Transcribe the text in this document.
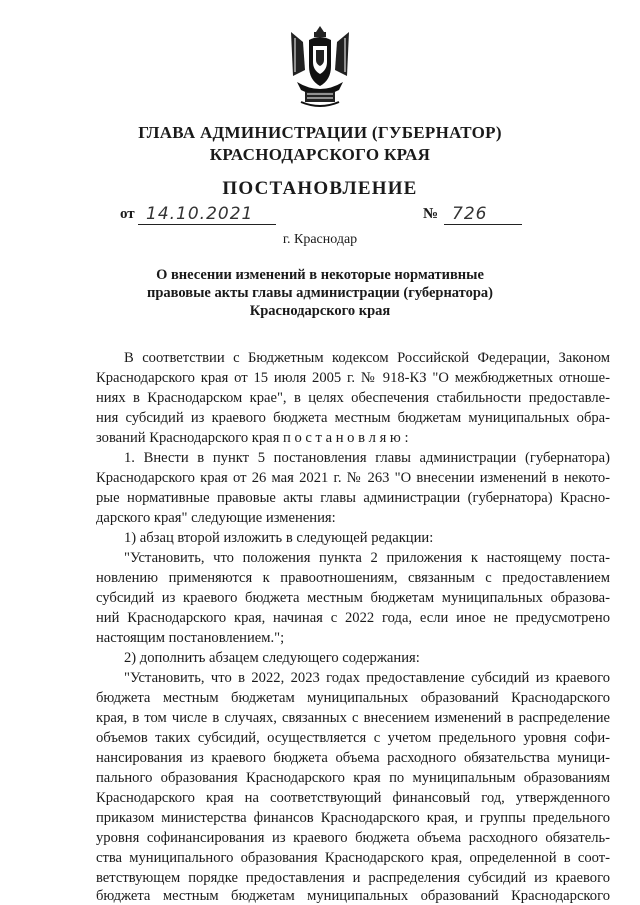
ГЛАВА АДМИНИСТРАЦИИ (ГУБЕРНАТОР)
КРАСНОДАРСКОГО КРАЯ
ПОСТАНОВЛЕНИЕ
от 14.10.2021	№ 726
г. Краснодар
О внесении изменений в некоторые нормативные
правовые акты главы администрации (губернатора)
Краснодарского края
В соответствии с Бюджетным кодексом Российской Федерации, Законом
Краснодарского края от 15 июля 2005 г. № 918-КЗ "О межбюджетных отноше-
ниях в Краснодарском крае", в целях обеспечения стабильности предоставле-
ния субсидий из краевого бюджета местным бюджетам муниципальных обра-
зований Краснодарского края п о с т а н о в л я ю :
1. Внести в пункт 5 постановления главы администрации (губернатора)
Краснодарского края от 26 мая 2021 г. № 263 "О внесении изменений в некото-
рые нормативные правовые акты главы администрации (губернатора) Красно-
дарского края" следующие изменения:
1) абзац второй изложить в следующей редакции:
"Установить, что положения пункта 2 приложения к настоящему поста-
новлению применяются к правоотношениям, связанным с предоставлением
субсидий из краевого бюджета местным бюджетам муниципальных образова-
ний Краснодарского края, начиная с 2022 года, если иное не предусмотрено
настоящим постановлением.";
2) дополнить абзацем следующего содержания:
"Установить, что в 2022, 2023 годах предоставление субсидий из краевого
бюджета местным бюджетам муниципальных образований Краснодарского
края, в том числе в случаях, связанных с внесением изменений в распределение
объемов таких субсидий, осуществляется с учетом предельного уровня софи-
нансирования из краевого бюджета объема расходного обязательства муници-
пального образования Краснодарского края по муниципальным образованиям
Краснодарского края на соответствующий финансовый год, утвержденного
приказом министерства финансов Краснодарского края, и группы предельного
уровня софинансирования из краевого бюджета объема расходного обязатель-
ства муниципального образования Краснодарского края, определенной в соот-
ветствующем порядке предоставления и распределения субсидий из краевого
бюджета местным бюджетам муниципальных образований Краснодарского
